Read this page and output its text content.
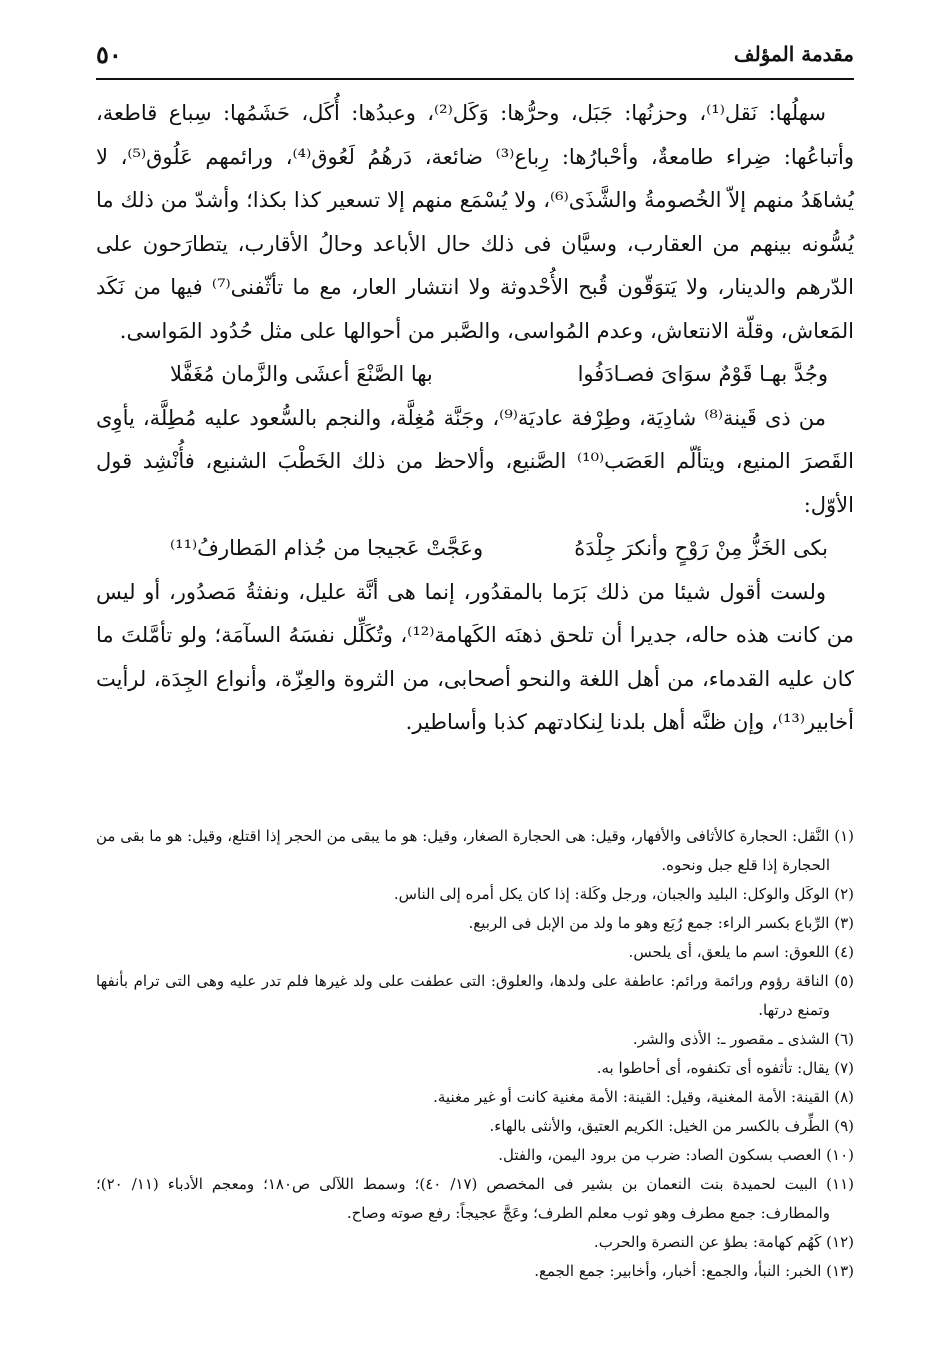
مقدمة المؤلف
٥٠

سهلُها: نَقل⁽¹⁾، وحزنُها: جَبَل، وحرُّها: وَكَل⁽²⁾، وعبدُها: أُكَل، حَشَمُها: سِباع قاطعة، وأتباعُها: ضِراء طامعةٌ، وأحْبارُها: رِباع⁽³⁾ ضائعة، دَرهُمُ لَعُوق⁽⁴⁾، ورائمهم عَلُوق⁽⁵⁾، لا يُشاهَدُ منهم إلاّ الخُصومةُ والشَّذَى⁽⁶⁾، ولا يُسْمَع منهم إلا تسعير كذا بكذا؛ وأشدّ من ذلك ما يُسُّونه بينهم من العقارب، وسيَّان فى ذلك حال الأباعد وحالُ الأقارب، يتطارَحون على الدّرهم والدينار، ولا يَتوَقّون قُبح الأُحْدوثة ولا انتشار العار، مع ما تأثّفنى⁽⁷⁾ فيها من نَكَد المَعاش، وقلّة الانتعاش، وعدم المُواسى، والصَّبر من أحوالها على مثل حُدُود المَواسى.

وجُدَّ بهـا قَوْمٌ سوَاىَ فصـادَفُوا
بها الصَّنْعَ أعشَى والزَّمان مُغَفَّلا

من ذى قَينة⁽⁸⁾ شادِيَة، وطِرْفة عاديَة⁽⁹⁾، وجَنَّة مُغِلَّة، والنجم بالسُّعود عليه مُطِلَّة، يأوِى القَصرَ المنيع، ويتألّم العَصَب⁽¹⁰⁾ الصَّنيع، وألاحظ من ذلك الخَطْبَ الشنيع، فأُنْشِد قول الأوّل:

بكى الخَزُّ مِنْ رَوْحٍ وأنكرَ جِلْدَهُ
وعَجَّتْ عَجيجا من جُذام المَطارفُ⁽¹¹⁾

ولست أقول شيئا من ذلك بَرَما بالمقدُور، إنما هى أنَّة عليل، ونفثةُ مَصدُور، أو ليس من كانت هذه حاله، جديرا أن تلحق ذهنَه الكَهامة⁽¹²⁾، وتُكَلِّل نفسَهُ السآمَة؛ ولو تأمَّلتَ ما كان عليه القدماء، من أهل اللغة والنحو أصحابى، من الثروة والعِزّة، وأنواع الجِدَة، لرأيت أخابير⁽¹³⁾، وإن ظنَّه أهل بلدنا لِنكادتهم كذبا وأساطير.

(١) النَّقل: الحجارة كالأثافى والأفهار، وقيل: هى الحجارة الصغار، وقيل: هو ما يبقى من الحجر إذا اقتلع، وقيل: هو ما بقى من الحجارة إذا قلع جبل ونحوه.

(٢) الوكَل والوكل: البليد والجبان، ورجل وكَلة: إذا كان يكل أمره إلى الناس.

(٣) الرِّباع بكسر الراء: جمع رُبَع وهو ما ولد من الإبل فى الربيع.

(٤) اللعوق: اسم ما يلعق، أى يلحس.

(٥) الناقة رؤوم ورائمة ورائم: عاطفة على ولدها، والعلوق: التى عطفت على ولد غيرها فلم تدر عليه وهى التى ترام بأنفها وتمنع درتها.

(٦) الشذى ـ مقصور ـ: الأذى والشر.

(٧) يقال: تأثفوه أى تكنفوه، أى أحاطوا به.

(٨) القينة: الأمة المغنية، وقيل: القينة: الأمة مغنية كانت أو غير مغنية.

(٩) الطِّرف بالكسر من الخيل: الكريم العتيق، والأنثى بالهاء.

(١٠) العصب بسكون الصاد: ضرب من برود اليمن، والفتل.

(١١) البيت لحميدة بنت النعمان بن بشير فى المخصص (١٧/ ٤٠)؛ وسمط اللآلى ص١٨٠؛ ومعجم الأدباء (١١/ ٢٠)؛ والمطارف: جمع مطرف وهو ثوب معلم الطرف؛ وعَجَّ عجيجاً: رفع صوته وصاح.

(١٢) كَهُم كهامة: بطؤ عن النصرة والحرب.

(١٣) الخبر: النبأ، والجمع: أخبار، وأخابير: جمع الجمع.
